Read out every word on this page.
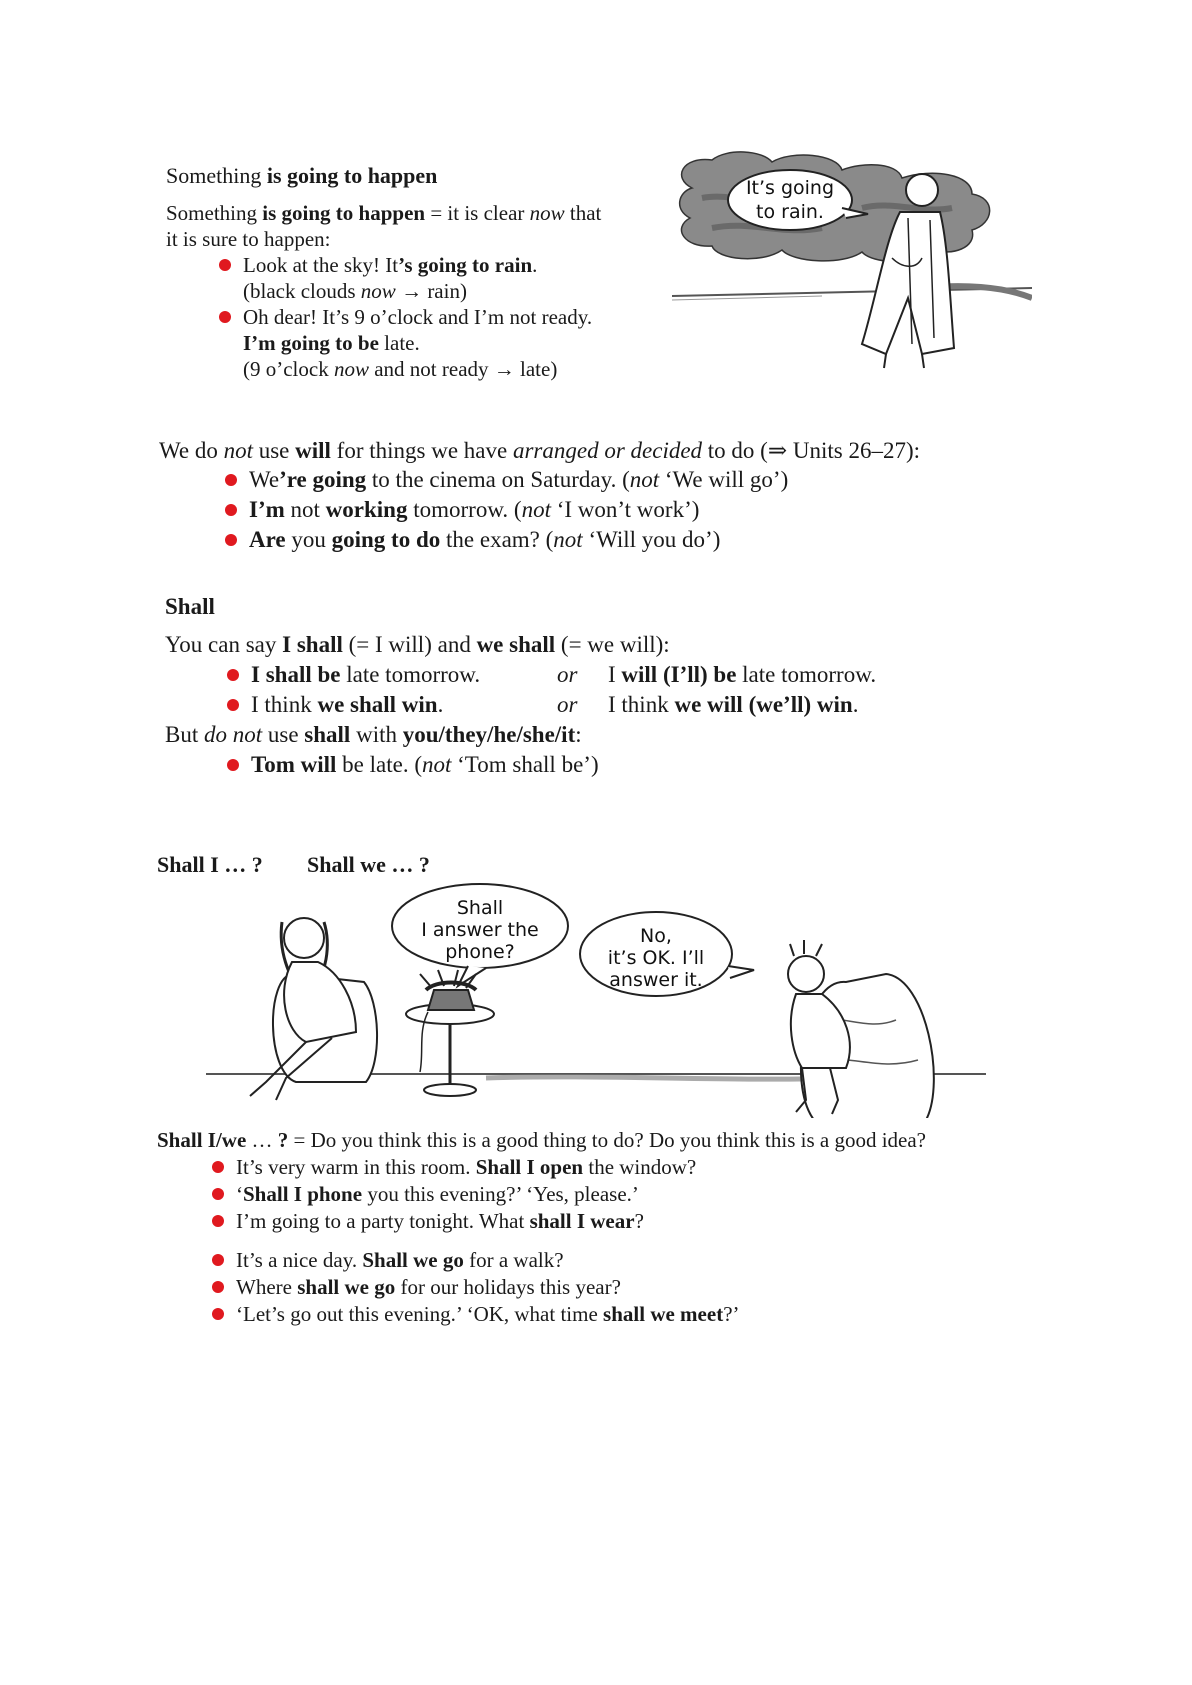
Something is going to happen
Something is going to happen = it is clear now that
it is sure to happen:
Look at the sky! It’s going to rain.
(black clouds now → rain)
Oh dear! It’s 9 o’clock and I’m not ready.
I’m going to be late.
(9 o’clock now and not ready → late)
It’s going
to rain.
We do not use will for things we have arranged or decided to do (⇒ Units 26–27):
We’re going to the cinema on Saturday. (not ‘We will go’)
I’m not working tomorrow. (not ‘I won’t work’)
Are you going to do the exam? (not ‘Will you do’)
Shall
You can say I shall (= I will) and we shall (= we will):
I shall be late tomorrow.	or I will (I’ll) be late tomorrow.
I think we shall win.	or I think we will (we’ll) win.
But do not use shall with you/they/he/she/it:
Tom will be late. (not ‘Tom shall be’)
Shall I … ? Shall we … ?
Shall
I answer the
phone?
No,
it’s OK. I’ll
answer it.
Shall I/we … ? = Do you think this is a good thing to do? Do you think this is a good idea?
It’s very warm in this room. Shall I open the window?
‘Shall I phone you this evening?’ ‘Yes, please.’
I’m going to a party tonight. What shall I wear?
It’s a nice day. Shall we go for a walk?
Where shall we go for our holidays this year?
‘Let’s go out this evening.’ ‘OK, what time shall we meet?’
